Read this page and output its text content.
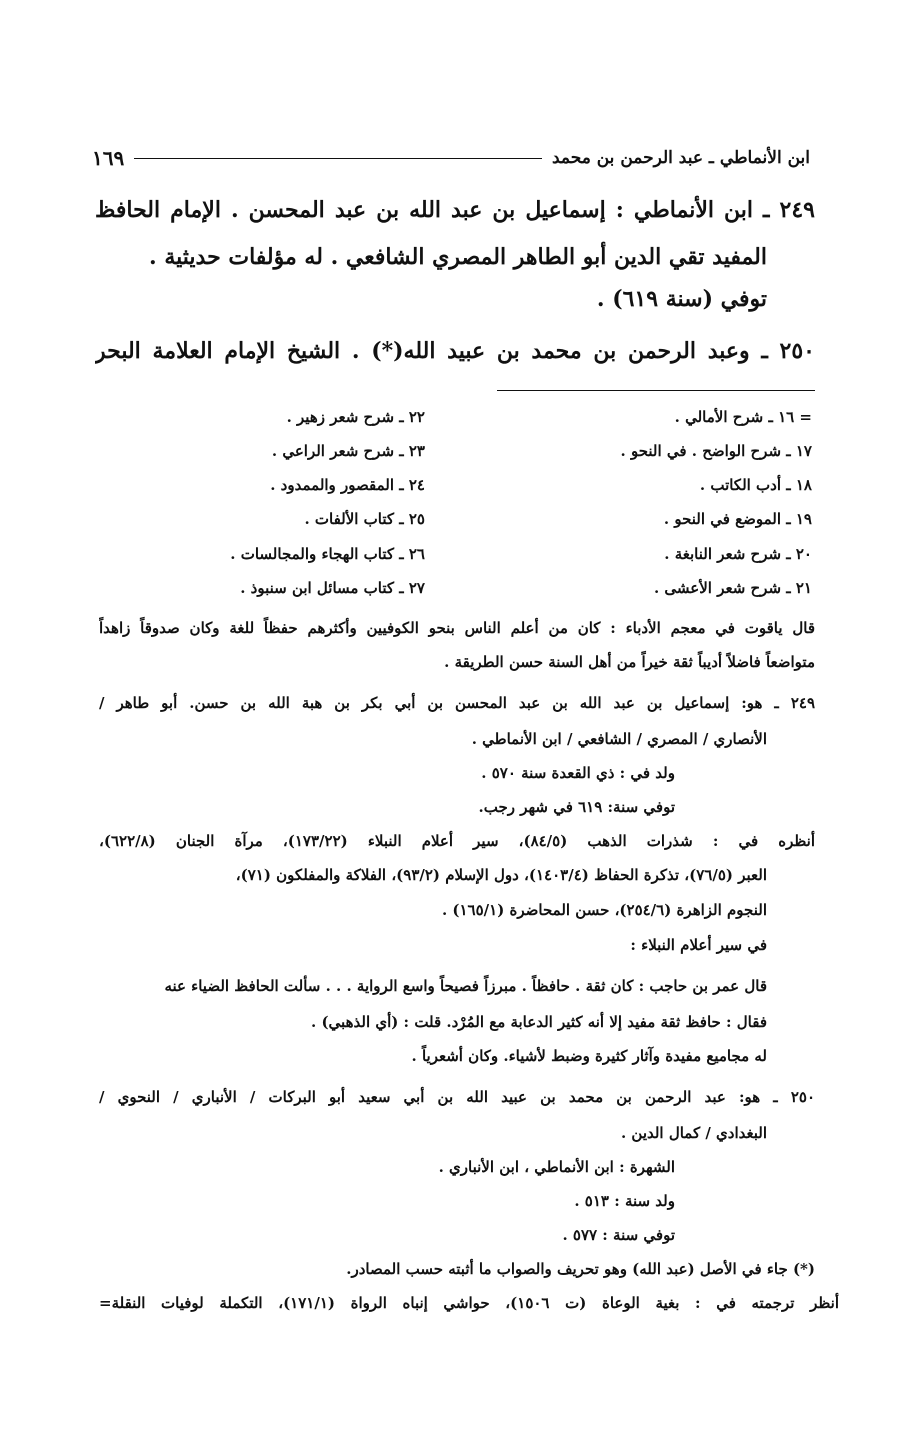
ابن الأنماطي ـ عبد الرحمن بن محمد
١٦٩
٢٤٩ ـ ابن الأنماطي : إسماعيل بن عبد الله بن عبد المحسن . الإمام الحافظ
المفيد تقي الدين أبو الطاهر المصري الشافعي . له مؤلفات حديثية .
توفي (سنة ٦١٩) .
٢٥٠ ـ وعبد الرحمن بن محمد بن عبيد الله(*) . الشيخ الإمام العلامة البحر
= ١٦ ـ شرح الأمالي .
١٧ ـ شرح الواضح . في النحو .
١٨ ـ أدب الكاتب .
١٩ ـ الموضع في النحو .
٢٠ ـ شرح شعر النابغة .
٢١ ـ شرح شعر الأعشى .
٢٢ ـ شرح شعر زهير .
٢٣ ـ شرح شعر الراعي .
٢٤ ـ المقصور والممدود .
٢٥ ـ كتاب الألفات .
٢٦ ـ كتاب الهجاء والمجالسات .
٢٧ ـ كتاب مسائل ابن سنبوذ .
قال ياقوت في معجم الأدباء : كان من أعلم الناس بنحو الكوفيين وأكثرهم حفظاً للغة وكان صدوقاً زاهداً
متواضعاً فاضلاً أديباً ثقة خيراً من أهل السنة حسن الطريقة .
٢٤٩ ـ هو: إسماعيل بن عبد الله بن عبد المحسن بن أبي بكر بن هبة الله بن حسن. أبو طاهر /
الأنصاري / المصري / الشافعي / ابن الأنماطي .
ولد في : ذي القعدة سنة ٥٧٠ .
توفي سنة: ٦١٩ في شهر رجب.
أنظره في : شذرات الذهب (٨٤/٥)، سير أعلام النبلاء (١٧٣/٢٢)، مرآة الجنان (٦٢٢/٨)،
العبر (٧٦/٥)، تذكرة الحفاظ (١٤٠٣/٤)، دول الإسلام (٩٣/٢)، الفلاكة والمفلكون (٧١)،
النجوم الزاهرة (٢٥٤/٦)، حسن المحاضرة (١٦٥/١) .
في سير أعلام النبلاء :
قال عمر بن حاجب : كان ثقة . حافظاً . مبرزاً فصيحاً واسع الرواية . . . سألت الحافظ الضياء عنه
فقال : حافظ ثقة مفيد إلا أنه كثير الدعابة مع المُرْد. قلت : (أي الذهبي) .
له مجاميع مفيدة وآثار كثيرة وضبط لأشياء. وكان أشعرياً .
٢٥٠ ـ هو: عبد الرحمن بن محمد بن عبيد الله بن أبي سعيد أبو البركات / الأنباري / النحوي /
البغدادي / كمال الدين .
الشهرة : ابن الأنماطي ، ابن الأنباري .
ولد سنة : ٥١٣ .
توفي سنة : ٥٧٧ .
(*) جاء في الأصل (عبد الله) وهو تحريف والصواب ما أثبته حسب المصادر.
أنظر ترجمته في : بغية الوعاة (ت ١٥٠٦)، حواشي إنباه الرواة (١٧١/١)، التكملة لوفيات النقلة=
